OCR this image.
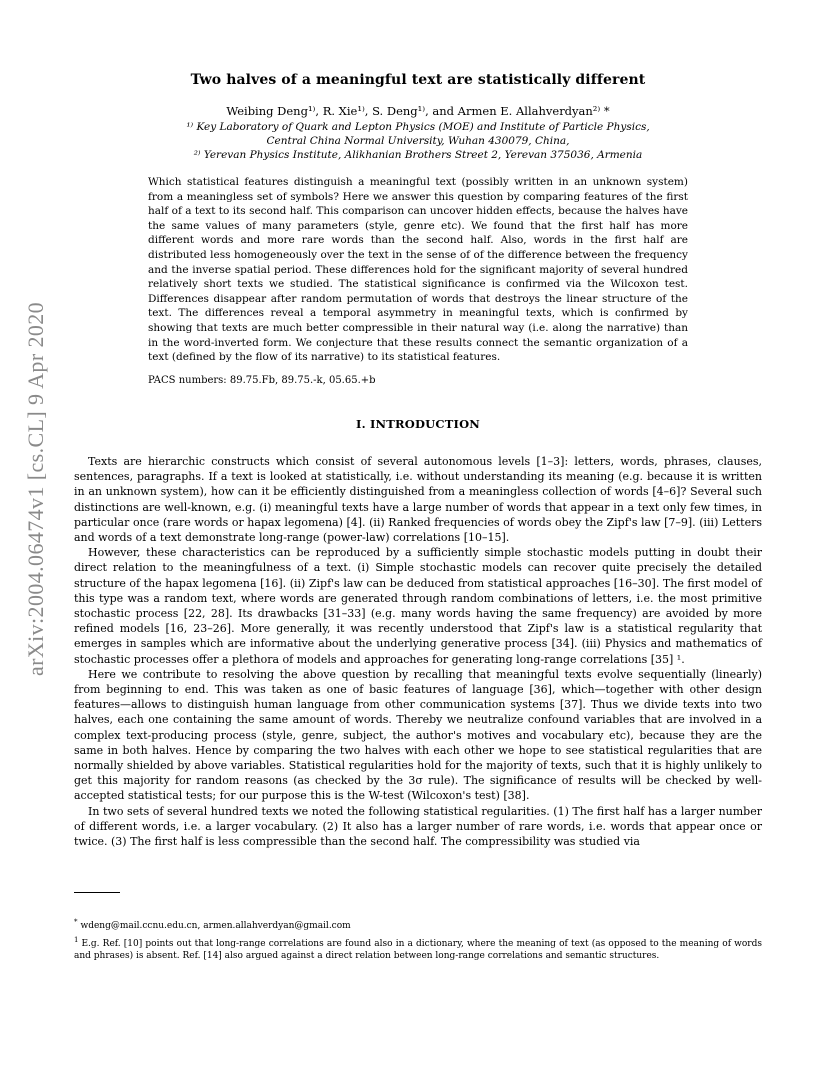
arXiv:2004.06474v1 [cs.CL] 9 Apr 2020
Two halves of a meaningful text are statistically different
Weibing Deng¹⁾, R. Xie¹⁾, S. Deng¹⁾, and Armen E. Allahverdyan²⁾ *
¹⁾ Key Laboratory of Quark and Lepton Physics (MOE) and Institute of Particle Physics,
Central China Normal University, Wuhan 430079, China,
²⁾ Yerevan Physics Institute, Alikhanian Brothers Street 2, Yerevan 375036, Armenia
Which statistical features distinguish a meaningful text (possibly written in an unknown system) from a meaningless set of symbols? Here we answer this question by comparing features of the first half of a text to its second half. This comparison can uncover hidden effects, because the halves have the same values of many parameters (style, genre etc). We found that the first half has more different words and more rare words than the second half. Also, words in the first half are distributed less homogeneously over the text in the sense of of the difference between the frequency and the inverse spatial period. These differences hold for the significant majority of several hundred relatively short texts we studied. The statistical significance is confirmed via the Wilcoxon test. Differences disappear after random permutation of words that destroys the linear structure of the text. The differences reveal a temporal asymmetry in meaningful texts, which is confirmed by showing that texts are much better compressible in their natural way (i.e. along the narrative) than in the word-inverted form. We conjecture that these results connect the semantic organization of a text (defined by the flow of its narrative) to its statistical features.
PACS numbers: 89.75.Fb, 89.75.-k, 05.65.+b
I. INTRODUCTION

Texts are hierarchic constructs which consist of several autonomous levels [1–3]: letters, words, phrases, clauses, sentences, paragraphs. If a text is looked at statistically, i.e. without understanding its meaning (e.g. because it is written in an unknown system), how can it be efficiently distinguished from a meaningless collection of words [4–6]? Several such distinctions are well-known, e.g. (i) meaningful texts have a large number of words that appear in a text only few times, in particular once (rare words or hapax legomena) [4]. (ii) Ranked frequencies of words obey the Zipf's law [7–9]. (iii) Letters and words of a text demonstrate long-range (power-law) correlations [10–15].

However, these characteristics can be reproduced by a sufficiently simple stochastic models putting in doubt their direct relation to the meaningfulness of a text. (i) Simple stochastic models can recover quite precisely the detailed structure of the hapax legomena [16]. (ii) Zipf's law can be deduced from statistical approaches [16–30]. The first model of this type was a random text, where words are generated through random combinations of letters, i.e. the most primitive stochastic process [22, 28]. Its drawbacks [31–33] (e.g. many words having the same frequency) are avoided by more refined models [16, 23–26]. More generally, it was recently understood that Zipf's law is a statistical regularity that emerges in samples which are informative about the underlying generative process [34]. (iii) Physics and mathematics of stochastic processes offer a plethora of models and approaches for generating long-range correlations [35] ¹.

Here we contribute to resolving the above question by recalling that meaningful texts evolve sequentially (linearly) from beginning to end. This was taken as one of basic features of language [36], which—together with other design features—allows to distinguish human language from other communication systems [37]. Thus we divide texts into two halves, each one containing the same amount of words. Thereby we neutralize confound variables that are involved in a complex text-producing process (style, genre, subject, the author's motives and vocabulary etc), because they are the same in both halves. Hence by comparing the two halves with each other we hope to see statistical regularities that are normally shielded by above variables. Statistical regularities hold for the majority of texts, such that it is highly unlikely to get this majority for random reasons (as checked by the 3σ rule). The significance of results will be checked by well-accepted statistical tests; for our purpose this is the W-test (Wilcoxon's test) [38].

In two sets of several hundred texts we noted the following statistical regularities. (1) The first half has a larger number of different words, i.e. a larger vocabulary. (2) It also has a larger number of rare words, i.e. words that appear once or twice. (3) The first half is less compressible than the second half. The compressibility was studied via

* wdeng@mail.ccnu.edu.cn, armen.allahverdyan@gmail.com
$^1$ E.g. Ref. [10] points out that long-range correlations are found also in a dictionary, where the meaning of text (as opposed to the meaning of words and phrases) is absent. Ref. [14] also argued against a direct relation between long-range correlations and semantic structures.
